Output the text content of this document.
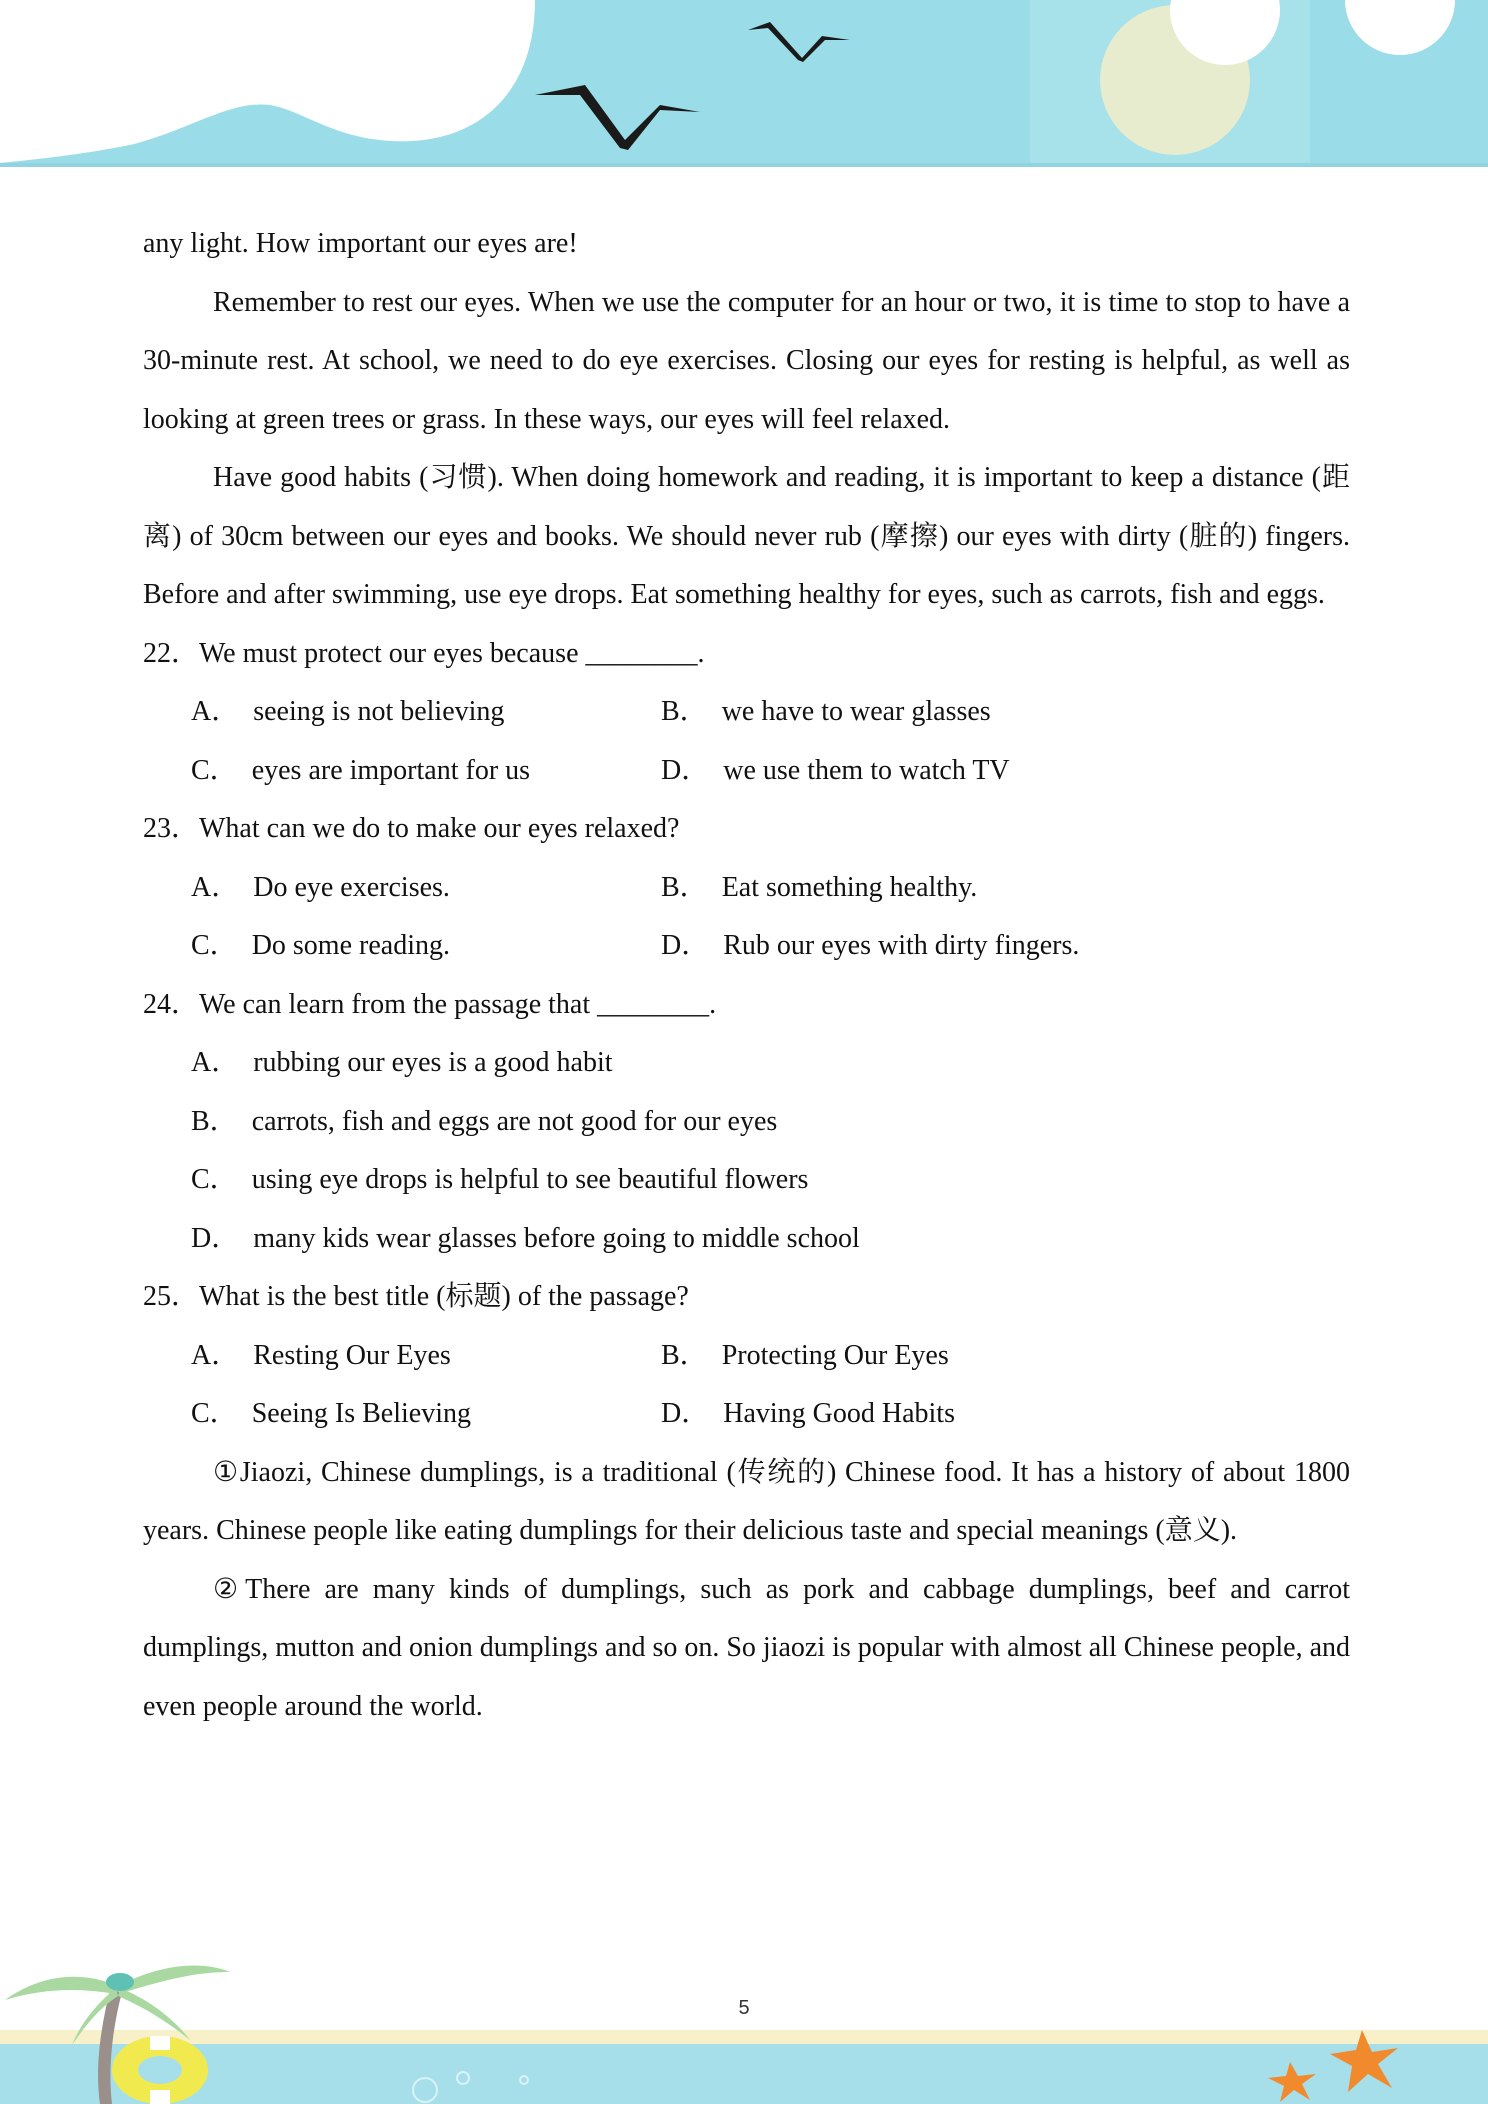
any light. How important our eyes are!

Remember to rest our eyes. When we use the computer for an hour or two, it is time to stop to have a 30-minute rest. At school, we need to do eye exercises. Closing our eyes for resting is helpful, as well as looking at green trees or grass. In these ways, our eyes will feel relaxed.

Have good habits (习惯). When doing homework and reading, it is important to keep a distance (距离) of 30cm between our eyes and books. We should never rub (摩擦) our eyes with dirty (脏的) fingers. Before and after swimming, use eye drops. Eat something healthy for eyes, such as carrots, fish and eggs.

22．We must protect our eyes because ________.

A． seeing is not believing	B． we have to wear glasses
C． eyes are important for us	D． we use them to watch TV

23．What can we do to make our eyes relaxed?

A． Do eye exercises.	B． Eat something healthy.
C． Do some reading.	D． Rub our eyes with dirty fingers.

24．We can learn from the passage that ________.

A． rubbing our eyes is a good habit
B． carrots, fish and eggs are not good for our eyes
C． using eye drops is helpful to see beautiful flowers
D． many kids wear glasses before going to middle school

25．What is the best title (标题) of the passage?

A． Resting Our Eyes	B． Protecting Our Eyes
C． Seeing Is Believing	D． Having Good Habits

①Jiaozi, Chinese dumplings, is a traditional (传统的) Chinese food. It has a history of about 1800 years. Chinese people like eating dumplings for their delicious taste and special meanings (意义).

②There are many kinds of dumplings, such as pork and cabbage dumplings, beef and carrot dumplings, mutton and onion dumplings and so on. So jiaozi is popular with almost all Chinese people, and even people around the world.

5
